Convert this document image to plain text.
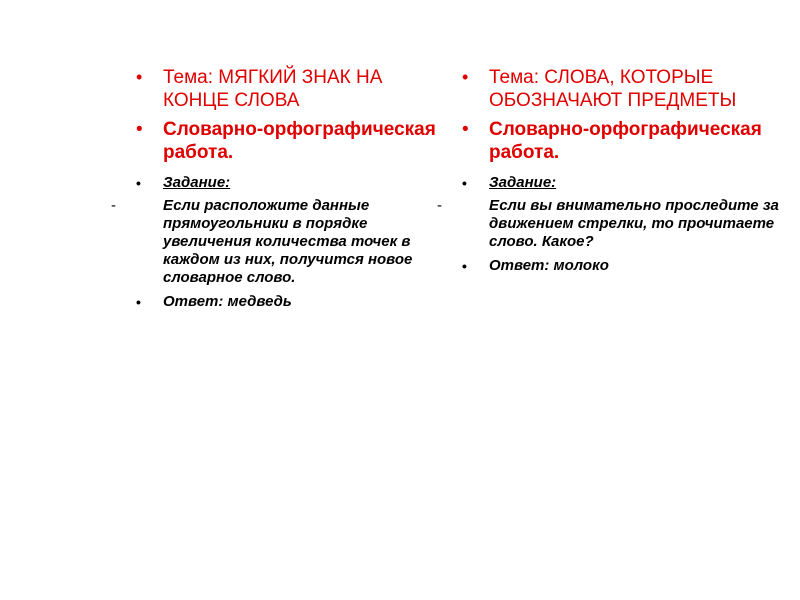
• Тема: МЯГКИЙ ЗНАК НА КОНЦЕ СЛОВА
• Словарно-орфографическая работа.
• Задание:
-	Если расположите данные прямоугольники в порядке увеличения количества точек в каждом из них, получится новое словарное слово.
• Ответ: медведь
• Тема: СЛОВА, КОТОРЫЕ ОБОЗНАЧАЮТ ПРЕДМЕТЫ
• Словарно-орфографическая работа.
• Задание:
-	Если вы внимательно проследите за движением стрелки, то прочитаете слово. Какое?
• Ответ: молоко
